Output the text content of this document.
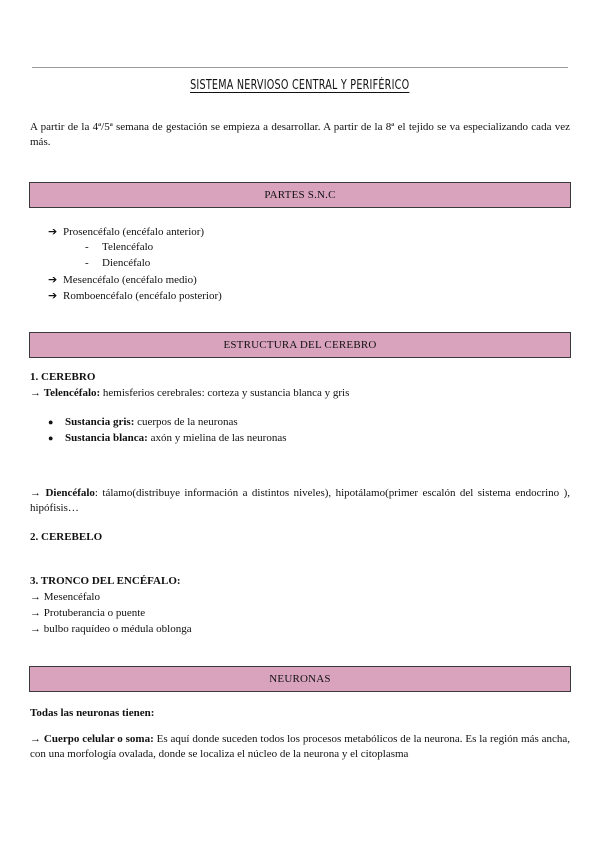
SISTEMA NERVIOSO CENTRAL Y PERIFÉRICO
A partir de la 4ª/5ª semana de gestación se empieza a desarrollar. A partir de la 8ª el tejido se va especializando cada vez más.
PARTES S.N.C
➔ Prosencéfalo (encéfalo anterior)
- Telencéfalo
- Diencéfalo
➔ Mesencéfalo (encéfalo medio)
➔ Romboencéfalo (encéfalo posterior)
ESTRUCTURA DEL CEREBRO
1. CEREBRO
→ Telencéfalo: hemisferios cerebrales: corteza y sustancia blanca y gris
● Sustancia gris: cuerpos de la neuronas
● Sustancia blanca: axón y mielina de las neuronas
→ Diencéfalo: tálamo(distribuye información a distintos niveles), hipotálamo(primer escalón del sistema endocrino ), hipófisis…
2. CEREBELO
3. TRONCO DEL ENCÉFALO:
→ Mesencéfalo
→ Protuberancia o puente
→ bulbo raquídeo o médula oblonga
NEURONAS
Todas las neuronas tienen:
→ Cuerpo celular o soma: Es aquí donde suceden todos los procesos metabólicos de la neurona. Es la región más ancha, con una morfología ovalada, donde se localiza el núcleo de la neurona y el citoplasma
